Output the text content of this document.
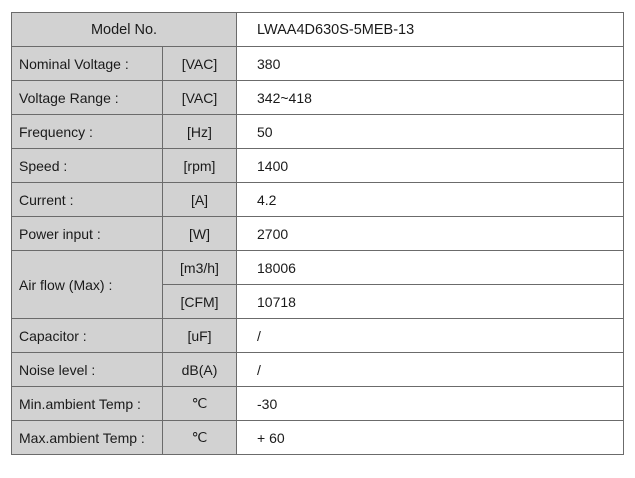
Model No.		LWAA4D630S-5MEB-13
Nominal Voltage :	[VAC]	380
Voltage Range :	[VAC]	342~418
Frequency :	[Hz]	50
Speed :	[rpm]	1400
Current :	[A]	4.2
Power input :	[W]	2700
Air flow (Max) :	[m3/h]	18006
	[CFM]	10718
Capacitor :	[uF]	/
Noise level :	dB(A)	/
Min.ambient Temp :	℃	-30
Max.ambient Temp :	℃	+ 60
